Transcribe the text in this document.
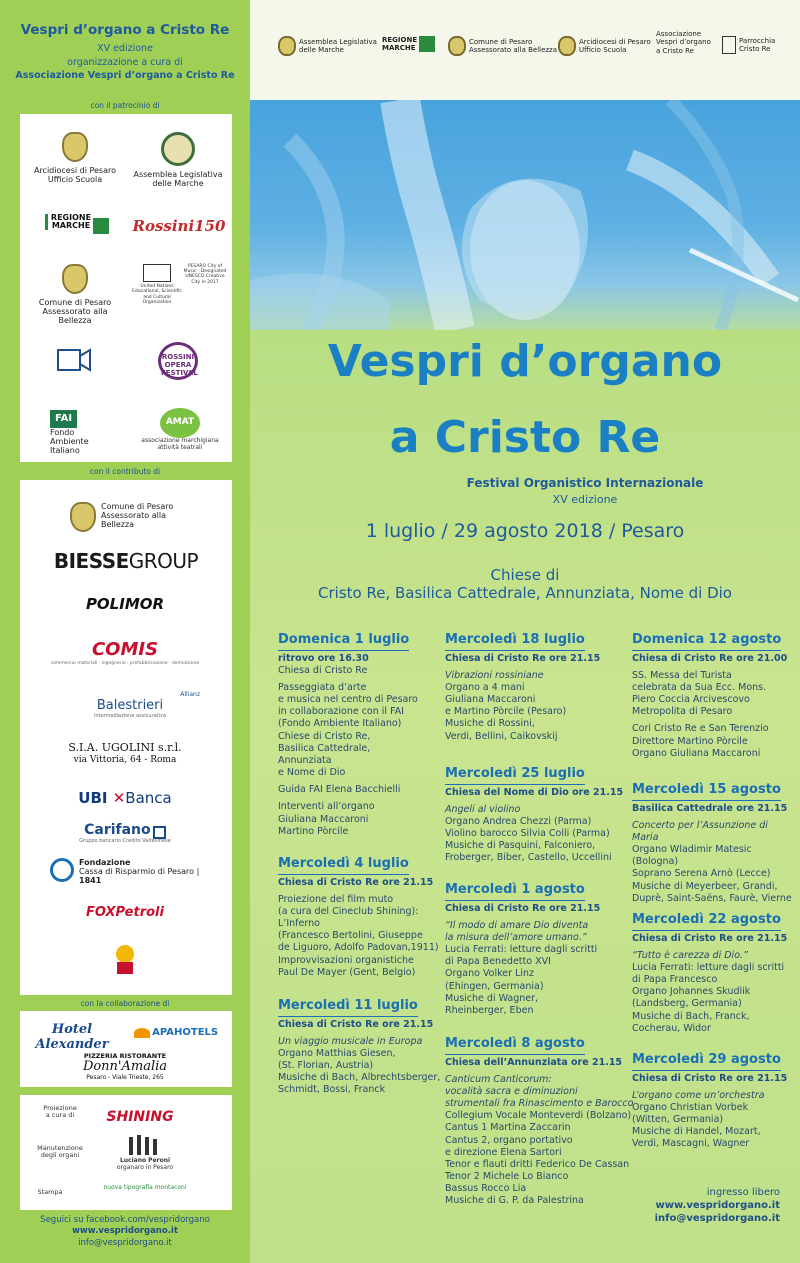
Vespri d’organo a Cristo Re
XV edizione
organizzazione a cura di
Associazione Vespri d’organo a Cristo Re
con il patrocinio di
Arcidiocesi di Pesaro
Ufficio Scuola
Assemblea Legislativa
delle Marche
REGIONE
MARCHE	Rossini150
Comune di Pesaro
Assessorato alla Bellezza
United Nations Educational, Scientific and Cultural Organization
PESARO City of Music · Designated UNESCO Creative City in 2017
ROSSINI OPERA FESTIVAL
FAI
Fondo
Ambiente
Italiano
AMAT
associazione marchigiana attività teatrali
con il contributo di
Comune di Pesaro
Assessorato alla Bellezza
BIESSEGROUP
POLIMOR
COMIS
commercio materiali · ingegneria · prefabbricazione · demolizione
Allianz
Balestrieri
intermediazione assicurativa
S.I.A. UGOLINI s.r.l.
via Vittoria, 64 - Roma
UBI ✕Banca
Carifano
Gruppo bancario Credito Valtellinese
Fondazione
Cassa di Risparmio di Pesaro | 1841
FOXPetroli
con la collaborazione di
Hotel Alexander
APAHOTELS
PIZZERIA RISTORANTE
Donn'Amalia
Pesaro - Viale Trieste, 265
Proiezione
a cura di	SHINING
Manutenzione
degli organi
Luciano Peroni
organaro in Pesaro
Stampa
nuova tipografia montaconi
Seguici su facebook.com/vespridorgano
www.vespridorgano.it
info@vespridorgano.it
Assemblea Legislativa
delle Marche
REGIONE
MARCHE
Comune di Pesaro
Assessorato alla Bellezza
Arcidiocesi di Pesaro
Ufficio Scuola
Associazione
Vespri d’organo
a Cristo Re
Parrocchia
Cristo Re
Vespri d’organo
a Cristo Re
Festival Organistico Internazionale
XV edizione
1 luglio / 29 agosto 2018 / Pesaro
Chiese di
Cristo Re, Basilica Cattedrale, Annunziata, Nome di Dio
Domenica 1 luglio
ritrovo ore 16.30
Chiesa di Cristo Re
Passeggiata d’arte
e musica nel centro di Pesaro
in collaborazione con il FAI
(Fondo Ambiente Italiano)
Chiese di Cristo Re,
Basilica Cattedrale,
Annunziata
e Nome di Dio
Guida FAI Elena Bacchielli
Interventi all’organo
Giuliana Maccaroni
Martino Pòrcile
Mercoledì 4 luglio
Chiesa di Cristo Re ore 21.15
Proiezione del film muto
(a cura del Cineclub Shining):
L’Inferno
(Francesco Bertolini, Giuseppe
de Liguoro, Adolfo Padovan,1911)
Improvvisazioni organistiche
Paul De Mayer (Gent, Belgio)
Mercoledì 11 luglio
Chiesa di Cristo Re ore 21.15
Un viaggio musicale in Europa
Organo Matthias Giesen,
(St. Florian, Austria)
Musiche di Bach, Albrechtsberger,
Schmidt, Bossi, Franck
Mercoledì 18 luglio
Chiesa di Cristo Re ore 21.15
Vibrazioni rossiniane
Organo a 4 mani
Giuliana Maccaroni
e Martino Pòrcile (Pesaro)
Musiche di Rossini,
Verdi, Bellini, Caikovskij
Mercoledì 25 luglio
Chiesa del Nome di Dio ore 21.15
Angeli al violino
Organo Andrea Chezzi (Parma)
Violino barocco Silvia Colli (Parma)
Musiche di Pasquini, Falconiero,
Froberger, Biber, Castello, Uccellini
Mercoledì 1 agosto
Chiesa di Cristo Re ore 21.15
“Il modo di amare Dio diventa
la misura dell’amore umano.”
Lucia Ferrati: letture dagli scritti
di Papa Benedetto XVI
Organo Volker Linz
(Ehingen, Germania)
Musiche di Wagner,
Rheinberger, Eben
Mercoledì 8 agosto
Chiesa dell’Annunziata ore 21.15
Canticum Canticorum:
vocalità sacra e diminuzioni
strumentali fra Rinascimento e Barocco
Collegium Vocale Monteverdi (Bolzano)
Cantus 1 Martina Zaccarin
Cantus 2, organo portativo
e direzione Elena Sartori
Tenor e flauti dritti Federico De Cassan
Tenor 2 Michele Lo Bianco
Bassus Rocco Lia
Musiche di G. P. da Palestrina
Domenica 12 agosto
Chiesa di Cristo Re ore 21.00
SS. Messa del Turista
celebrata da Sua Ecc. Mons.
Piero Coccia Arcivescovo
Metropolita di Pesaro
Cori Cristo Re e San Terenzio
Direttore Martino Pòrcile
Organo Giuliana Maccaroni
Mercoledì 15 agosto
Basilica Cattedrale ore 21.15
Concerto per l’Assunzione di Maria
Organo Wladimir Matesic
(Bologna)
Soprano Serena Arnò (Lecce)
Musiche di Meyerbeer, Grandi,
Duprè, Saint-Saëns, Faurè, Vierne
Mercoledì 22 agosto
Chiesa di Cristo Re ore 21.15
“Tutto è carezza di Dio.”
Lucia Ferrati: letture dagli scritti
di Papa Francesco
Organo Johannes Skudlik
(Landsberg, Germania)
Musiche di Bach, Franck,
Cocherau, Widor
Mercoledì 29 agosto
Chiesa di Cristo Re ore 21.15
L’organo come un’orchestra
Organo Christian Vorbek
(Witten, Germania)
Musiche di Handel, Mozart,
Verdi, Mascagni, Wagner
ingresso libero
www.vespridorgano.it
info@vespridorgano.it
